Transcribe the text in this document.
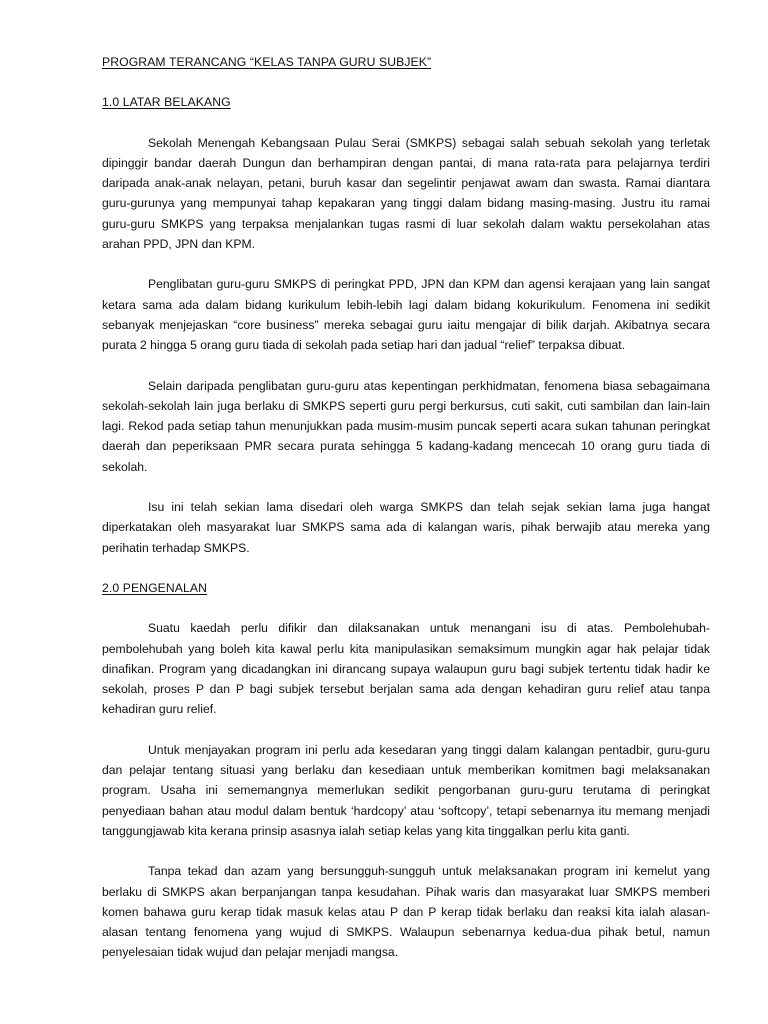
PROGRAM TERANCANG “KELAS TANPA GURU SUBJEK”

1.0 LATAR BELAKANG

Sekolah Menengah Kebangsaan Pulau Serai (SMKPS) sebagai salah sebuah sekolah yang terletak dipinggir bandar daerah Dungun dan berhampiran dengan pantai, di mana rata-rata para pelajarnya terdiri daripada anak-anak nelayan, petani, buruh kasar dan segelintir penjawat awam dan swasta. Ramai diantara guru-gurunya yang mempunyai tahap kepakaran yang tinggi dalam bidang masing-masing. Justru itu ramai guru-guru SMKPS yang terpaksa menjalankan tugas rasmi di luar sekolah dalam waktu persekolahan atas arahan PPD, JPN dan KPM.

Penglibatan guru-guru SMKPS di peringkat PPD, JPN dan KPM dan agensi kerajaan yang lain sangat ketara sama ada dalam bidang kurikulum lebih-lebih lagi dalam bidang kokurikulum. Fenomena ini sedikit sebanyak menjejaskan “core business” mereka sebagai guru iaitu mengajar di bilik darjah. Akibatnya secara purata 2 hingga 5 orang guru tiada di sekolah pada setiap hari dan jadual “relief” terpaksa dibuat.

Selain daripada penglibatan guru-guru atas kepentingan perkhidmatan, fenomena biasa sebagaimana sekolah-sekolah lain juga berlaku di SMKPS seperti guru pergi berkursus, cuti sakit, cuti sambilan dan lain-lain lagi. Rekod pada setiap tahun menunjukkan pada musim-musim puncak seperti acara sukan tahunan peringkat daerah dan peperiksaan PMR secara purata sehingga 5 kadang-kadang mencecah 10 orang guru tiada di sekolah.

Isu ini telah sekian lama disedari oleh warga SMKPS dan telah sejak sekian lama juga hangat diperkatakan oleh masyarakat luar SMKPS sama ada di kalangan waris, pihak berwajib atau mereka yang perihatin terhadap SMKPS.

2.0 PENGENALAN

Suatu kaedah perlu difikir dan dilaksanakan untuk menangani isu di atas. Pembolehubah-pembolehubah yang boleh kita kawal perlu kita manipulasikan semaksimum mungkin agar hak pelajar tidak dinafikan. Program yang dicadangkan ini dirancang supaya walaupun guru bagi subjek tertentu tidak hadir ke sekolah, proses P dan P bagi subjek tersebut berjalan sama ada dengan kehadiran guru relief atau tanpa kehadiran guru relief.

Untuk menjayakan program ini perlu ada kesedaran yang tinggi dalam kalangan pentadbir, guru-guru dan pelajar tentang situasi yang berlaku dan kesediaan untuk memberikan komitmen bagi melaksanakan program. Usaha ini sememangnya memerlukan sedikit pengorbanan guru-guru terutama di peringkat penyediaan bahan atau modul dalam bentuk ‘hardcopy’ atau ‘softcopy’, tetapi sebenarnya itu memang menjadi tanggungjawab kita kerana prinsip asasnya ialah setiap kelas yang kita tinggalkan perlu kita ganti.

Tanpa tekad dan azam yang bersungguh-sungguh untuk melaksanakan program ini kemelut yang berlaku di SMKPS akan berpanjangan tanpa kesudahan. Pihak waris dan masyarakat luar SMKPS memberi komen bahawa guru kerap tidak masuk kelas atau P dan P kerap tidak berlaku dan reaksi kita ialah alasan-alasan tentang fenomena yang wujud di SMKPS. Walaupun sebenarnya kedua-dua pihak betul, namun penyelesaian tidak wujud dan pelajar menjadi mangsa.
